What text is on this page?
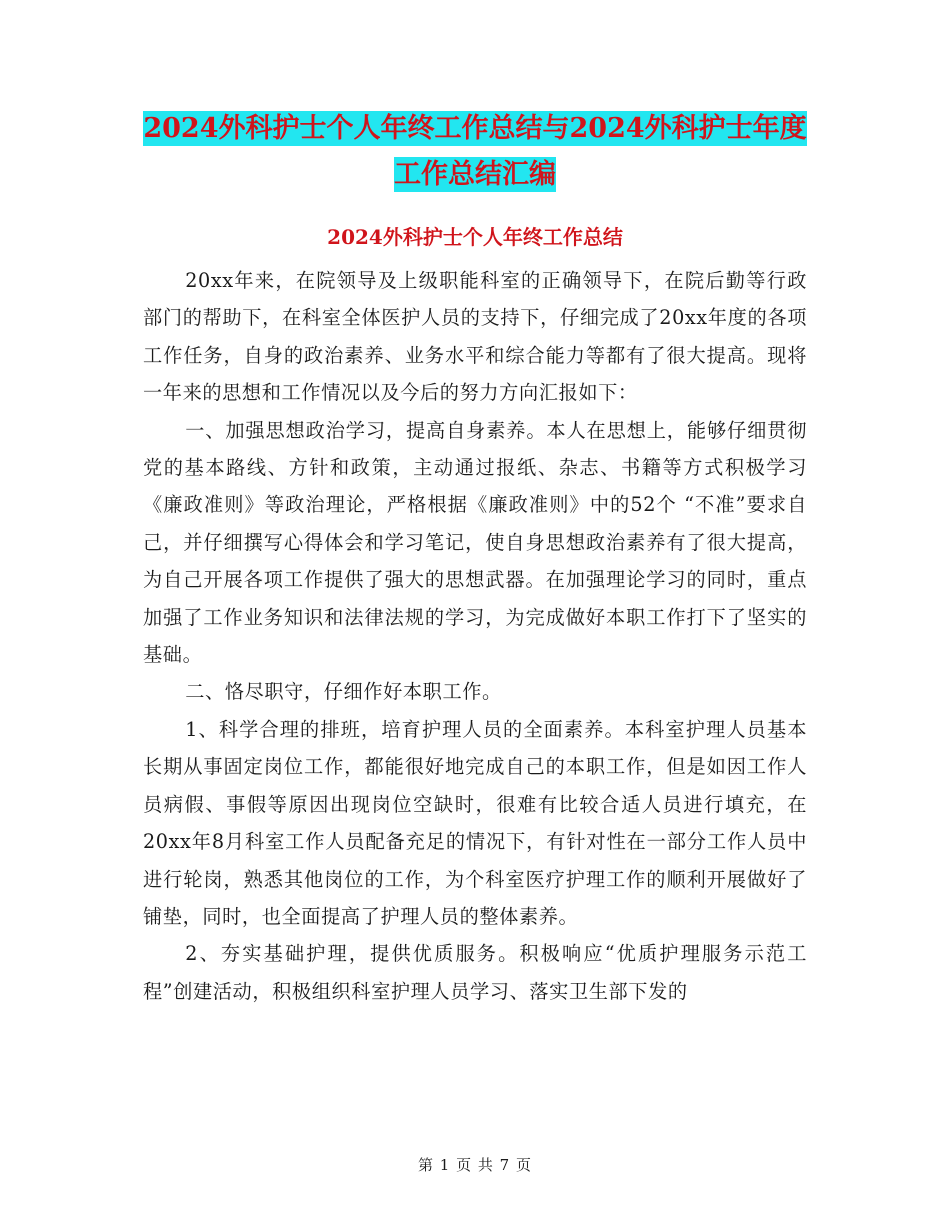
2024外科护士个人年终工作总结与2024外科护士年度
工作总结汇编
2024外科护士个人年终工作总结

20xx年来，在院领导及上级职能科室的正确领导下，在院后勤等行政部门的帮助下，在科室全体医护人员的支持下，仔细完成了20xx年度的各项工作任务，自身的政治素养、业务水平和综合能力等都有了很大提高。现将一年来的思想和工作情况以及今后的努力方向汇报如下：

一、加强思想政治学习，提高自身素养。本人在思想上，能够仔细贯彻党的基本路线、方针和政策，主动通过报纸、杂志、书籍等方式积极学习《廉政准则》等政治理论，严格根据《廉政准则》中的52个 “不准”要求自己，并仔细撰写心得体会和学习笔记，使自身思想政治素养有了很大提高，为自己开展各项工作提供了强大的思想武器。在加强理论学习的同时，重点加强了工作业务知识和法律法规的学习，为完成做好本职工作打下了坚实的基础。

二、恪尽职守，仔细作好本职工作。

1、科学合理的排班，培育护理人员的全面素养。本科室护理人员基本长期从事固定岗位工作，都能很好地完成自己的本职工作，但是如因工作人员病假、事假等原因出现岗位空缺时，很难有比较合适人员进行填充，在20xx年8月科室工作人员配备充足的情况下，有针对性在一部分工作人员中进行轮岗，熟悉其他岗位的工作，为个科室医疗护理工作的顺利开展做好了铺垫，同时，也全面提高了护理人员的整体素养。

2、夯实基础护理，提供优质服务。积极响应“优质护理服务示范工程”创建活动，积极组织科室护理人员学习、落实卫生部下发的

第 1 页 共 7 页
